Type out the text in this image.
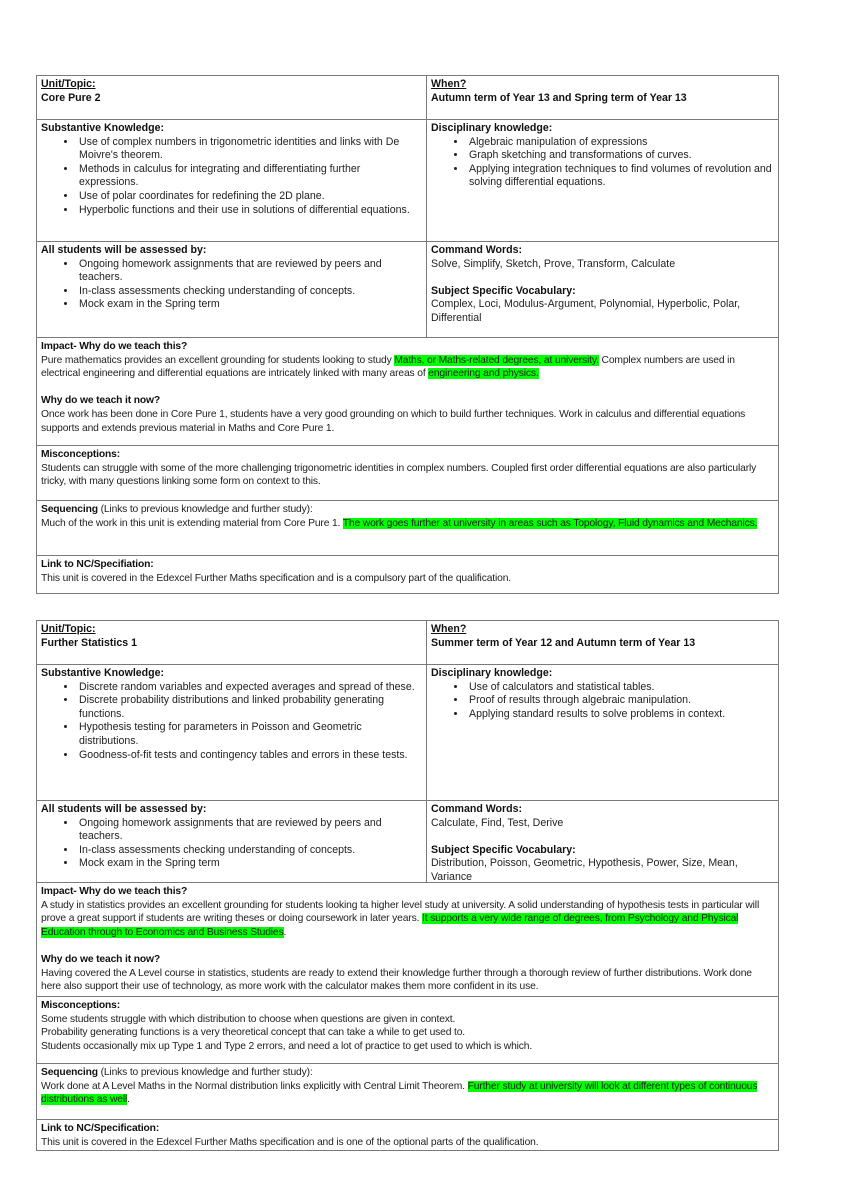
Unit/Topic:
Core Pure 2
When?
Autumn term of Year 13 and Spring term of Year 13
Substantive Knowledge:
• Use of complex numbers in trigonometric identities and links with De Moivre's theorem.
• Methods in calculus for integrating and differentiating further expressions.
• Use of polar coordinates for redefining the 2D plane.
• Hyperbolic functions and their use in solutions of differential equations.
Disciplinary knowledge:
• Algebraic manipulation of expressions
• Graph sketching and transformations of curves.
• Applying integration techniques to find volumes of revolution and solving differential equations.
All students will be assessed by:
• Ongoing homework assignments that are reviewed by peers and teachers.
• In-class assessments checking understanding of concepts.
• Mock exam in the Spring term
Command Words:
Solve, Simplify, Sketch, Prove, Transform, Calculate
Subject Specific Vocabulary:
Complex, Loci, Modulus-Argument, Polynomial, Hyperbolic, Polar, Differential
Impact- Why do we teach this?

Pure mathematics provides an excellent grounding for students looking to study Maths, or Maths-related degrees, at university. Complex numbers are used in electrical engineering and differential equations are intricately linked with many areas of engineering and physics.

Why do we teach it now?

Once work has been done in Core Pure 1, students have a very good grounding on which to build further techniques. Work in calculus and differential equations supports and extends previous material in Maths and Core Pure 1.

Misconceptions:

Students can struggle with some of the more challenging trigonometric identities in complex numbers. Coupled first order differential equations are also particularly tricky, with many questions linking some form on context to this.

Sequencing (Links to previous knowledge and further study):

Much of the work in this unit is extending material from Core Pure 1. The work goes further at university in areas such as Topology, Fluid dynamics and Mechanics.

Link to NC/Specifiation:

This unit is covered in the Edexcel Further Maths specification and is a compulsory part of the qualification.

Unit/Topic:
Further Statistics 1
When?
Summer term of Year 12 and Autumn term of Year 13
Substantive Knowledge:
• Discrete random variables and expected averages and spread of these.
• Discrete probability distributions and linked probability generating functions.
• Hypothesis testing for parameters in Poisson and Geometric distributions.
• Goodness-of-fit tests and contingency tables and errors in these tests.
Disciplinary knowledge:
• Use of calculators and statistical tables.
• Proof of results through algebraic manipulation.
• Applying standard results to solve problems in context.
All students will be assessed by:
• Ongoing homework assignments that are reviewed by peers and teachers.
• In-class assessments checking understanding of concepts.
• Mock exam in the Spring term
Command Words:
Calculate, Find, Test, Derive
Subject Specific Vocabulary:
Distribution, Poisson, Geometric, Hypothesis, Power, Size, Mean, Variance
Impact- Why do we teach this?

A study in statistics provides an excellent grounding for students looking ta higher level study at university. A solid understanding of hypothesis tests in particular will prove a great support if students are writing theses or doing coursework in later years. It supports a very wide range of degrees, from Psychology and Physical Education through to Economics and Business Studies.

Why do we teach it now?

Having covered the A Level course in statistics, students are ready to extend their knowledge further through a thorough review of further distributions. Work done here also support their use of technology, as more work with the calculator makes them more confident in its use.

Misconceptions:

Some students struggle with which distribution to choose when questions are given in context.

Probability generating functions is a very theoretical concept that can take a while to get used to.

Students occasionally mix up Type 1 and Type 2 errors, and need a lot of practice to get used to which is which.

Sequencing (Links to previous knowledge and further study):

Work done at A Level Maths in the Normal distribution links explicitly with Central Limit Theorem. Further study at university will look at different types of continuous distributions as well.

Link to NC/Specification:

This unit is covered in the Edexcel Further Maths specification and is one of the optional parts of the qualification.
